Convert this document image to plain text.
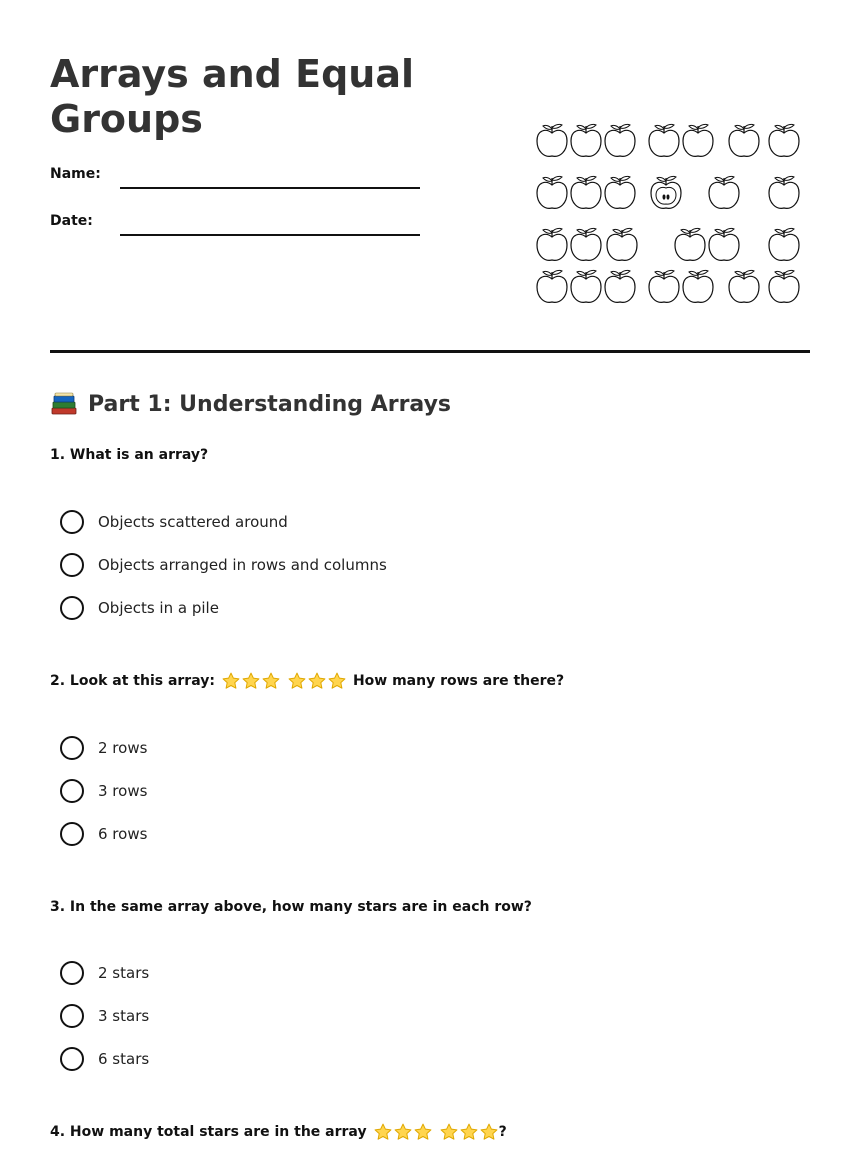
Arrays and Equal Groups
Name:
Date:
Part 1: Understanding Arrays
1. What is an array?
Objects scattered around
Objects arranged in rows and columns
Objects in a pile
2. Look at this array:	How many rows are there?
2 rows
3 rows
6 rows
3. In the same array above, how many stars are in each row?
2 stars
3 stars
6 stars
4. How many total stars are in the array	?
